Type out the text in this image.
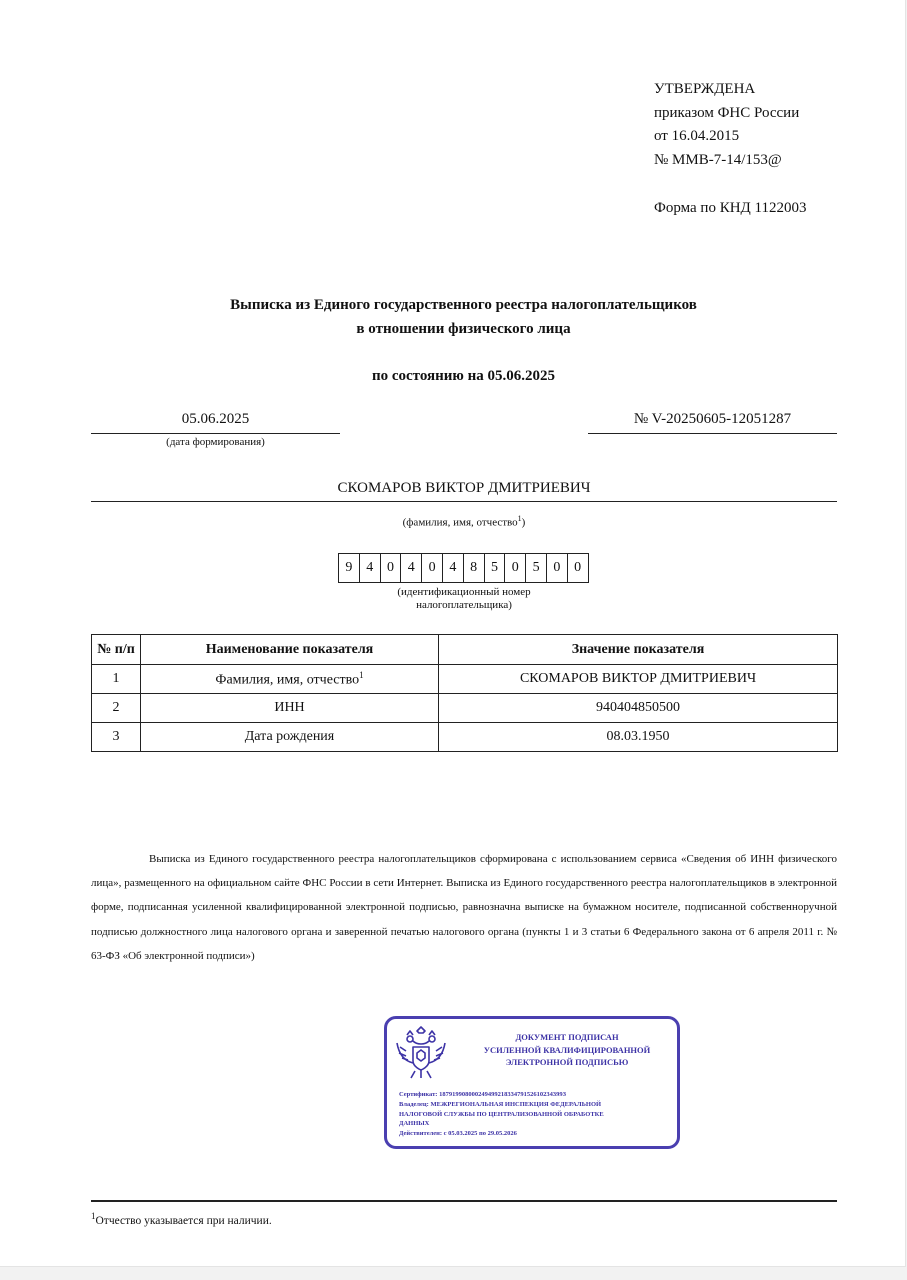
УТВЕРЖДЕНА
приказом ФНС России
от 16.04.2015
№ ММВ-7-14/153@
Форма по КНД 1122003
Выписка из Единого государственного реестра налогоплательщиков
в отношении физического лица
по состоянию на 05.06.2025
05.06.2025
(дата формирования)
№ V-20250605-12051287
СКОМАРОВ ВИКТОР ДМИТРИЕВИЧ
(фамилия, имя, отчество$^1$)
9 4 0 4 0 4 8 5 0 5 0 0
(идентификационный номер
налогоплательщика)
№ п/п	Наименование показателя	Значение показателя
1	Фамилия, имя, отчество$^1$	СКОМАРОВ ВИКТОР ДМИТРИЕВИЧ
2	ИНН	940404850500
3	Дата рождения	08.03.1950
Выписка из Единого государственного реестра налогоплательщиков сформирована с использованием сервиса «Сведения об ИНН физического лица», размещенного на официальном сайте ФНС России в сети Интернет. Выписка из Единого государственного реестра налогоплательщиков в электронной форме, подписанная усиленной квалифицированной электронной подписью, равнозначна выписке на бумажном носителе, подписанной собственноручной подписью должностного лица налогового органа и заверенной печатью налогового органа (пункты 1 и 3 статьи 6 Федерального закона от 6 апреля 2011 г. № 63-ФЗ «Об электронной подписи»)
ДОКУМЕНТ ПОДПИСАН
УСИЛЕННОЙ КВАЛИФИЦИРОВАННОЙ
ЭЛЕКТРОННОЙ ПОДПИСЬЮ
Сертификат: 18791990800024949921833479152610234399З
Владелец: МЕЖРЕГИОНАЛЬНАЯ ИНСПЕКЦИЯ ФЕДЕРАЛЬНОЙ
НАЛОГОВОЙ СЛУЖБЫ ПО ЦЕНТРАЛИЗОВАННОЙ ОБРАБОТКЕ
ДАННЫХ
Действителен: с 05.03.2025 по 29.05.2026
$^1$Отчество указывается при наличии.
